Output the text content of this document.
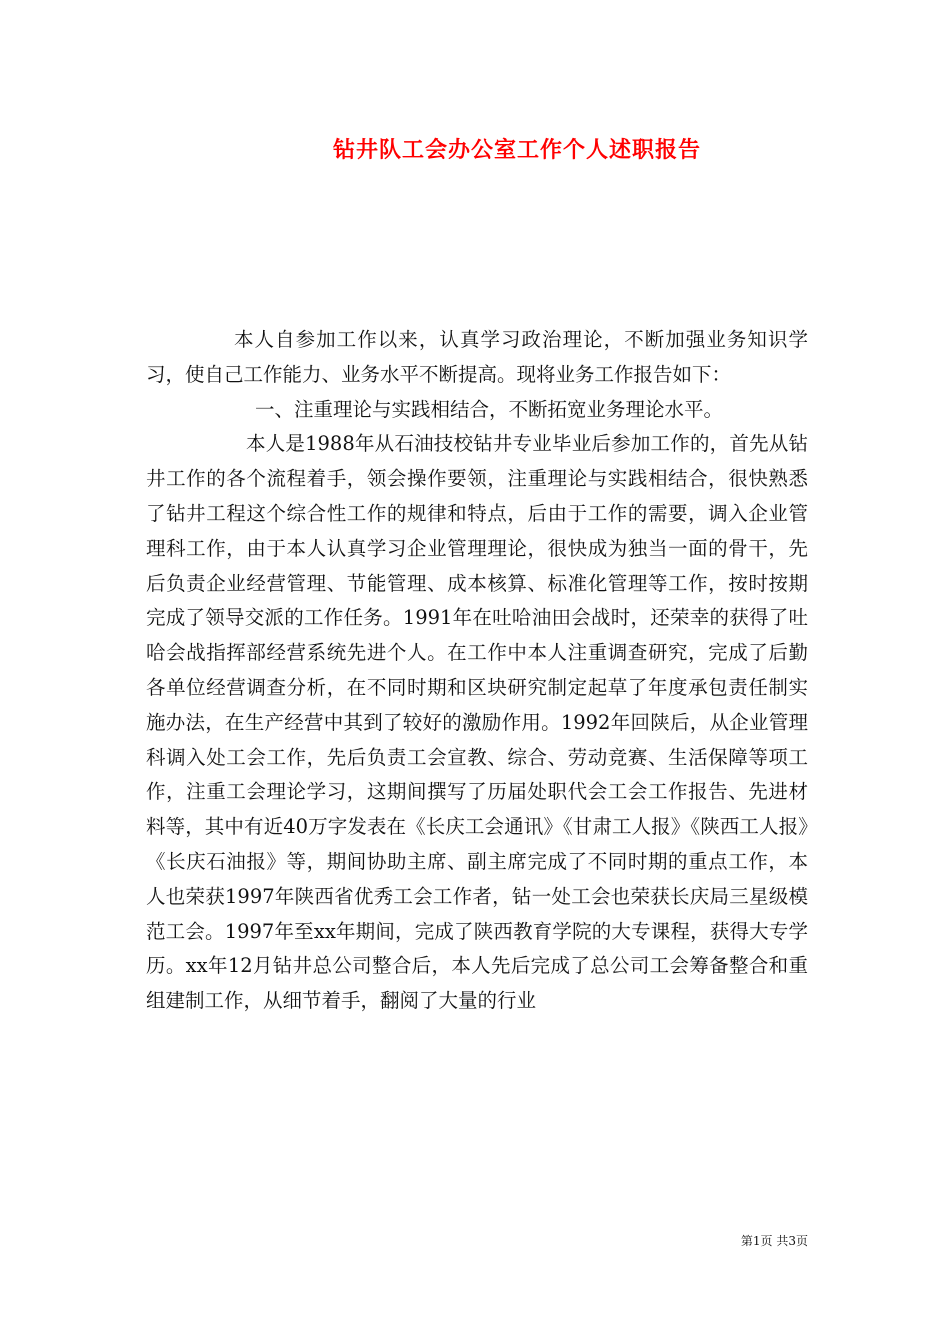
钻井队工会办公室工作个人述职报告

本人自参加工作以来，认真学习政治理论，不断加强业务知识学习，使自己工作能力、业务水平不断提高。现将业务工作报告如下：

一、注重理论与实践相结合，不断拓宽业务理论水平。

本人是1988年从石油技校钻井专业毕业后参加工作的，首先从钻井工作的各个流程着手，领会操作要领，注重理论与实践相结合，很快熟悉了钻井工程这个综合性工作的规律和特点，后由于工作的需要，调入企业管理科工作，由于本人认真学习企业管理理论，很快成为独当一面的骨干，先后负责企业经营管理、节能管理、成本核算、标准化管理等工作，按时按期完成了领导交派的工作任务。1991年在吐哈油田会战时，还荣幸的获得了吐哈会战指挥部经营系统先进个人。在工作中本人注重调查研究，完成了后勤各单位经营调查分析，在不同时期和区块研究制定起草了年度承包责任制实施办法，在生产经营中其到了较好的激励作用。1992年回陕后，从企业管理科调入处工会工作，先后负责工会宣教、综合、劳动竞赛、生活保障等项工作，注重工会理论学习，这期间撰写了历届处职代会工会工作报告、先进材料等，其中有近40万字发表在《长庆工会通讯》《甘肃工人报》《陕西工人报》《长庆石油报》等，期间协助主席、副主席完成了不同时期的重点工作，本人也荣获1997年陕西省优秀工会工作者，钻一处工会也荣获长庆局三星级模范工会。1997年至xx年期间，完成了陕西教育学院的大专课程，获得大专学历。xx年12月钻井总公司整合后，本人先后完成了总公司工会筹备整合和重组建制工作，从细节着手，翻阅了大量的行业

第1页 共3页
